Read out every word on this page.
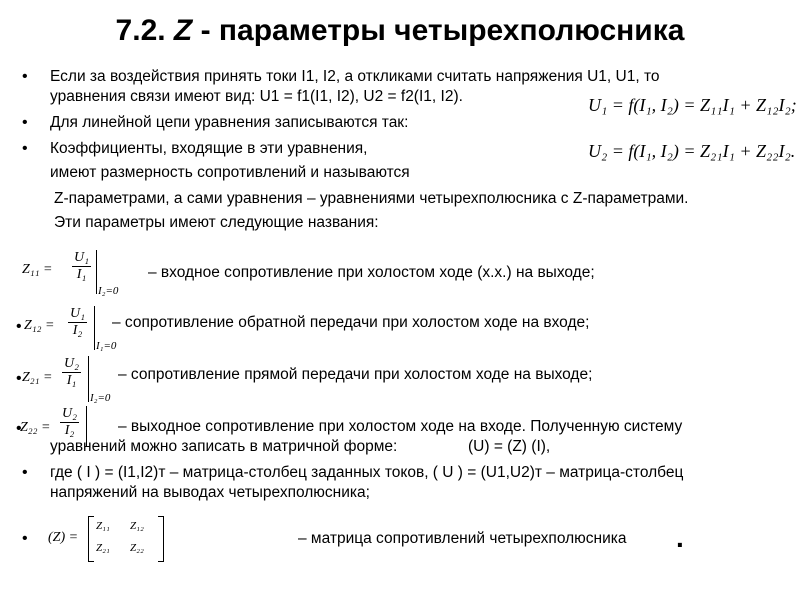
7.2. Z - параметры четырехполюсника
• Если за воздействия принять токи I1, I2, а откликами считать напряжения U1, U1, то
уравнения связи имеют вид: U1 = f1(I1, I2), U2 = f2(I1, I2).	U₁ = f(I₁, I₂) = Z₁₁I₁ + Z₁₂I₂;
U₂ = f(I₁, I₂) = Z₂₁I₁ + Z₂₂I₂.
• Для линейной цепи уравнения записываются так:
• Коэффициенты, входящие в эти уравнения,
имеют размерность сопротивлений и называются
Z-параметрами, а сами уравнения – уравнениями четырехполюсника с Z-параметрами.
Эти параметры имеют следующие названия:
$Z_{11} = \frac{\text{U₁}}{\text{I₁}}$
I₂=0
– входное сопротивление при холостом ходе (х.х.) на выходе;
• $Z_{12} = \frac{\text{U₁}}{\text{I₂}}$
I₁=0
– сопротивление обратной передачи при холостом ходе на входе;
• $Z_{21} = \frac{\text{U₂}}{\text{I₁}}$
I₂=0
– сопротивление прямой передачи при холостом ходе на выходе;
•
$Z_{22} = \frac{\text{U₂}}{\text{I₂}}$	– выходное сопротивление при холостом ходе на входе. Полученную систему
уравнений можно записать в матричной форме:	(U) = (Z) (I),
• где ( I ) = (I1,I2)т – матрица-столбец заданных токов, ( U ) = (U1,U2)т – матрица-столбец
напряжений на выводах четырехполюсника;
• (Z) =
Z₁₁ Z₁₂
Z₂₁ Z₂₂
– матрица сопротивлений четырехполюсника .
